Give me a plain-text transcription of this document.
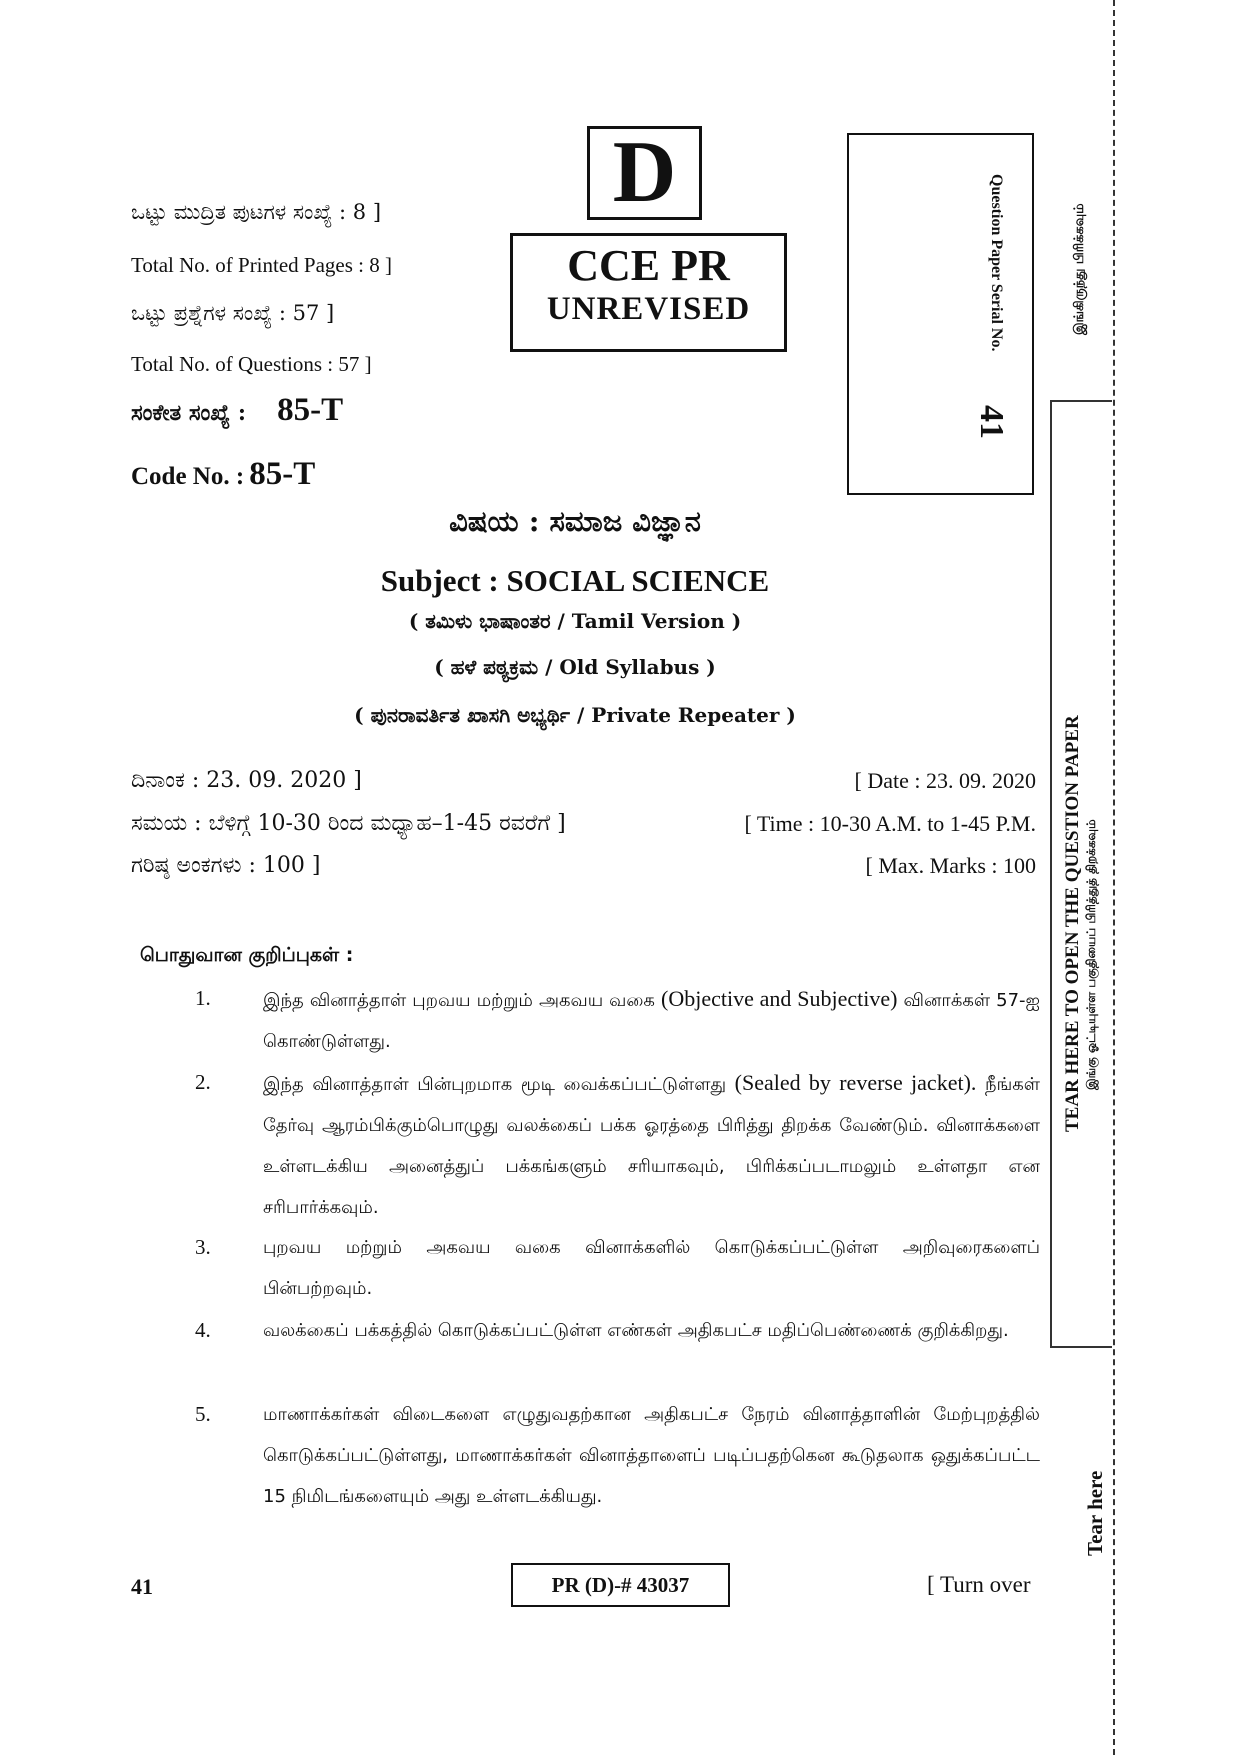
ಒಟ್ಟು ಮುದ್ರಿತ ಪುಟಗಳ ಸಂಖ್ಯೆ : 8 ]
Total No. of Printed Pages : 8 ]
ಒಟ್ಟು ಪ್ರಶ್ನೆಗಳ ಸಂಖ್ಯೆ : 57 ]
Total No. of Questions : 57 ]
ಸಂಕೇತ ಸಂಖ್ಯೆ : 85-T
Code No. : 85-T
D
CCE PR
UNREVISED	Question Paper Serial No.
41
ವಿಷಯ : ಸಮಾಜ ವಿಜ್ಞಾನ
Subject : SOCIAL SCIENCE
( ತಮಿಳು ಭಾಷಾಂತರ / Tamil Version )
( ಹಳೆ ಪಠ್ಯಕ್ರಮ / Old Syllabus )
( ಪುನರಾವರ್ತಿತ ಖಾಸಗಿ ಅಭ್ಯರ್ಥಿ / Private Repeater )
ದಿನಾಂಕ : 23. 09. 2020 ]	[ Date : 23. 09. 2020
ಸಮಯ : ಬೆಳಿಗ್ಗೆ 10-30 ರಿಂದ ಮಧ್ಯಾಹ–1-45 ರವರೆಗೆ ]	[ Time : 10-30 A.M. to 1-45 P.M.
ಗರಿಷ್ಠ ಅಂಕಗಳು : 100 ]	[ Max. Marks : 100
பொதுவான குறிப்புகள் :
1.	இந்த வினாத்தாள் புறவய மற்றும் அகவய வகை (Objective and Subjective) வினாக்கள் 57-ஐ கொண்டுள்ளது.
2.	இந்த வினாத்தாள் பின்புறமாக மூடி வைக்கப்பட்டுள்ளது (Sealed by reverse jacket). நீங்கள் தேர்வு ஆரம்பிக்கும்பொழுது வலக்கைப் பக்க ஓரத்தை பிரித்து திறக்க வேண்டும். வினாக்களை உள்ளடக்கிய அனைத்துப் பக்கங்களும் சரியாகவும், பிரிக்கப்படாமலும் உள்ளதா என சரிபார்க்கவும்.
3.	புறவய மற்றும் அகவய வகை வினாக்களில் கொடுக்கப்பட்டுள்ள அறிவுரைகளைப் பின்பற்றவும்.
4.	வலக்கைப் பக்கத்தில் கொடுக்கப்பட்டுள்ள எண்கள் அதிகபட்ச மதிப்பெண்ணைக் குறிக்கிறது.
5.	மாணாக்கர்கள் விடைகளை எழுதுவதற்கான அதிகபட்ச நேரம் வினாத்தாளின் மேற்புறத்தில் கொடுக்கப்பட்டுள்ளது, மாணாக்கர்கள் வினாத்தாளைப் படிப்பதற்கென கூடுதலாக ஒதுக்கப்பட்ட 15 நிமிடங்களையும் அது உள்ளடக்கியது.
இங்கிருந்து பிரிக்கவும்
TEAR HERE TO OPEN THE QUESTION PAPER இங்கு ஓட்டியுள்ள பகுதியைப் பிரித்துத் திறக்கவும்
Tear here
41	PR (D)-# 43037	[ Turn over
